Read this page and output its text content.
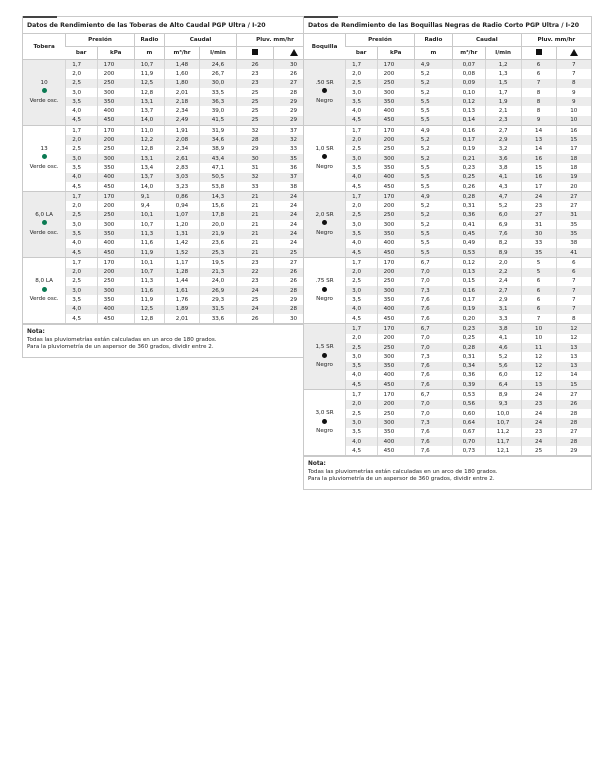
Datos de Rendimiento de las Toberas de Alto Caudal PGP Ultra / I-20
Tobera	Presión		Radio	Caudal		Pluv. mm/hr	
	bar	kPa	m	m³/hr	l/min		

10
Verde osc.	1,7	170	10,7	1,48	24,6	26	30
	2,0	200	11,9	1,60	26,7	23	26
	2,5	250	12,5	1,80	30,0	23	27
	3,0	300	12,8	2,01	33,5	25	28
	3,5	350	13,1	2,18	36,3	25	29
	4,0	400	13,7	2,34	39,0	25	29
	4,5	450	14,0	2,49	41,5	25	29

13
Verde osc.	1,7	170	11,0	1,91	31,9	32	37
	2,0	200	12,2	2,08	34,6	28	32
	2,5	250	12,8	2,34	38,9	29	33
	3,0	300	13,1	2,61	43,4	30	35
	3,5	350	13,4	2,83	47,1	31	36
	4,0	400	13,7	3,03	50,5	32	37
	4,5	450	14,0	3,23	53,8	33	38

6,0 LA
Verde osc.	1,7	170	9,1	0,86	14,3	21	24
	2,0	200	9,4	0,94	15,6	21	24
	2,5	250	10,1	1,07	17,8	21	24
	3,0	300	10,7	1,20	20,0	21	24
	3,5	350	11,3	1,31	21,9	21	24
	4,0	400	11,6	1,42	23,6	21	24
	4,5	450	11,9	1,52	25,3	21	25

8,0 LA
Verde osc.	1,7	170	10,1	1,17	19,5	23	27
	2,0	200	10,7	1,28	21,3	22	26
	2,5	250	11,3	1,44	24,0	23	26
	3,0	300	11,6	1,61	26,9	24	28
	3,5	350	11,9	1,76	29,3	25	29
	4,0	400	12,5	1,89	31,5	24	28
	4,5	450	12,8	2,01	33,6	26	30
Nota:
Todas las pluviometrías están calculadas en un arco de 180 grados.
Para la pluviometría de un aspersor de 360 grados, dividir entre 2.
Datos de Rendimiento de las Boquillas Negras de Radio Corto PGP Ultra / I-20
Boquilla	Presión		Radio	Caudal		Pluv. mm/hr	
	bar	kPa	m	m³/hr	l/min		

.50 SR
Negro	1,7	170	4,9	0,07	1,2	6	7
	2,0	200	5,2	0,08	1,3	6	7
	2,5	250	5,2	0,09	1,5	7	8
	3,0	300	5,2	0,10	1,7	8	9
	3,5	350	5,5	0,12	1,9	8	9
	4,0	400	5,5	0,13	2,1	8	10
	4,5	450	5,5	0,14	2,3	9	10

1,0 SR
Negro	1,7	170	4,9	0,16	2,7	14	16
	2,0	200	5,2	0,17	2,9	13	15
	2,5	250	5,2	0,19	3,2	14	17
	3,0	300	5,2	0,21	3,6	16	18
	3,5	350	5,5	0,23	3,8	15	18
	4,0	400	5,5	0,25	4,1	16	19
	4,5	450	5,5	0,26	4,3	17	20

2,0 SR
Negro	1,7	170	4,9	0,28	4,7	24	27
	2,0	200	5,2	0,31	5,2	23	27
	2,5	250	5,2	0,36	6,0	27	31
	3,0	300	5,2	0,41	6,9	31	35
	3,5	350	5,5	0,45	7,6	30	35
	4,0	400	5,5	0,49	8,2	33	38
	4,5	450	5,5	0,53	8,9	35	41

.75 SR
Negro	1,7	170	6,7	0,12	2,0	5	6
	2,0	200	7,0	0,13	2,2	5	6
	2,5	250	7,0	0,15	2,4	6	7
	3,0	300	7,3	0,16	2,7	6	7
	3,5	350	7,6	0,17	2,9	6	7
	4,0	400	7,6	0,19	3,1	6	7
	4,5	450	7,6	0,20	3,3	7	8

1,5 SR
Negro	1,7	170	6,7	0,23	3,8	10	12
	2,0	200	7,0	0,25	4,1	10	12
	2,5	250	7,0	0,28	4,6	11	13
	3,0	300	7,3	0,31	5,2	12	13
	3,5	350	7,6	0,34	5,6	12	13
	4,0	400	7,6	0,36	6,0	12	14
	4,5	450	7,6	0,39	6,4	13	15

3,0 SR
Negro	1,7	170	6,7	0,53	8,9	24	27
	2,0	200	7,0	0,56	9,3	23	26
	2,5	250	7,0	0,60	10,0	24	28
	3,0	300	7,3	0,64	10,7	24	28
	3,5	350	7,6	0,67	11,2	23	27
	4,0	400	7,6	0,70	11,7	24	28
	4,5	450	7,6	0,73	12,1	25	29
Nota:
Todas las pluviometrías están calculadas en un arco de 180 grados.
Para la pluviometría de un aspersor de 360 grados, dividir entre 2.
